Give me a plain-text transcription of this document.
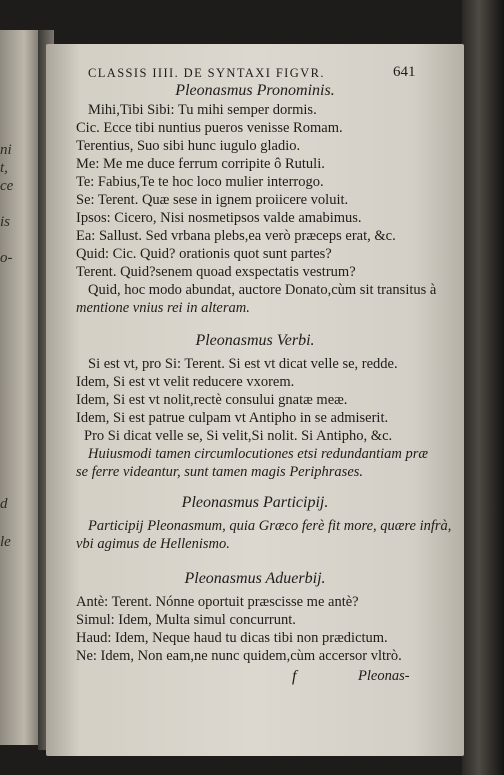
ni
t,
ce
is
o-
d
le
CLASSIS IIII. DE SYNTAXI FIGVR.	641
Pleonasmus Pronominis.
Mihi,Tibi Sibi: Tu mihi semper dormis.
Cic. Ecce tibi nuntius pueros venisse Romam.
Terentius, Suo sibi hunc iugulo gladio.
Me: Me me duce ferrum corripite ô Rutuli.
Te: Fabius,Te te hoc loco mulier interrogo.
Se: Terent. Quæ sese in ignem proiicere voluit.
Ipsos: Cicero, Nisi nosmetipsos valde amabimus.
Ea: Sallust. Sed vrbana plebs,ea verò præceps erat, &c.
Quid: Cic. Quid? orationis quot sunt partes?
Terent. Quid?senem quoad exspectatis vestrum?
Quid, hoc modo abundat, auctore Donato,cùm sit transitus à
mentione vnius rei in alteram.
Pleonasmus Verbi.
Si est vt, pro Si: Terent. Si est vt dicat velle se, redde.
Idem, Si est vt velit reducere vxorem.
Idem, Si est vt nolit,rectè consului gnatæ meæ.
Idem, Si est patrue culpam vt Antipho in se admiserit.
Pro Si dicat velle se, Si velit,Si nolit. Si Antipho, &c.
Huiusmodi tamen circumlocutiones etsi redundantiam præ
se ferre videantur, sunt tamen magis Periphrases.
Pleonasmus Participij.
Participij Pleonasmum, quia Græco ferè fit more, quære infrà,
vbi agimus de Hellenismo.
Pleonasmus Aduerbij.
Antè: Terent. Nónne oportuit præscisse me antè?
Simul: Idem, Multa simul concurrunt.
Haud: Idem, Neque haud tu dicas tibi non prædictum.
Ne: Idem, Non eam,ne nunc quidem,cùm accersor vltrò.
f	Pleonas-
